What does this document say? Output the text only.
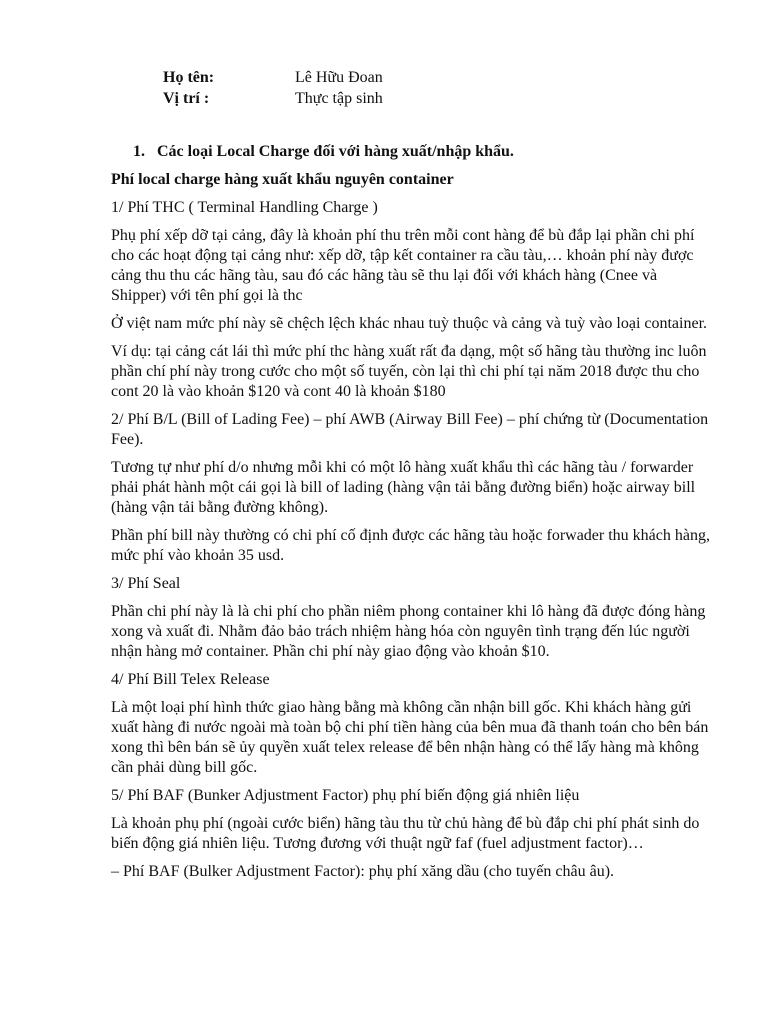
Họ tên:	Lê Hữu Đoan
Vị trí :	Thực tập sinh
1. Các loại Local Charge đối với hàng xuất/nhập khẩu.

Phí local charge hàng xuất khẩu nguyên container

1/ Phí THC ( Terminal Handling Charge )

Phụ phí xếp dỡ tại cảng, đây là khoản phí thu trên mỗi cont hàng để bù đắp lại phần chi phí cho các hoạt động tại cảng như: xếp dỡ, tập kết container ra cầu tàu,… khoản phí này được cảng thu thu các hãng tàu, sau đó các hãng tàu sẽ thu lại đối với khách hàng (Cnee và Shipper) với tên phí gọi là thc

Ở việt nam mức phí này sẽ chệch lệch khác nhau tuỳ thuộc và cảng và tuỳ vào loại container.

Ví dụ: tại cảng cát lái thì mức phí thc hàng xuất rất đa dạng, một số hãng tàu thường inc luôn phần chí phí này trong cước cho một số tuyến, còn lại thì chi phí tại năm 2018 được thu cho cont 20 là vào khoản $120 và cont 40 là khoản $180

2/ Phí B/L (Bill of Lading Fee) – phí AWB (Airway Bill Fee) – phí chứng từ (Documentation Fee).

Tương tự như phí d/o nhưng mỗi khi có một lô hàng xuất khẩu thì các hãng tàu / forwarder phải phát hành một cái gọi là bill of lading (hàng vận tải bằng đường biển) hoặc airway bill (hàng vận tải bằng đường không).

Phần phí bill này thường có chi phí cố định được các hãng tàu hoặc forwader thu khách hàng, mức phí vào khoản 35 usd.

3/ Phí Seal

Phần chi phí này là là chi phí cho phần niêm phong container khi lô hàng đã được đóng hàng xong và xuất đi. Nhằm đảo bảo trách nhiệm hàng hóa còn nguyên tình trạng đến lúc người nhận hàng mở container. Phần chi phí này giao động vào khoản $10.

4/ Phí Bill Telex Release

Là một loại phí hình thức giao hàng bằng mà không cần nhận bill gốc. Khi khách hàng gửi xuất hàng đi nước ngoài mà toàn bộ chi phí tiền hàng của bên mua đã thanh toán cho bên bán xong thì bên bán sẽ ủy quyền xuất telex release để bên nhận hàng có thể lấy hàng mà không cần phải dùng bill gốc.

5/ Phí BAF (Bunker Adjustment Factor) phụ phí biến động giá nhiên liệu

Là khoản phụ phí (ngoài cước biển) hãng tàu thu từ chủ hàng để bù đắp chi phí phát sinh do biến động giá nhiên liệu. Tương đương với thuật ngữ faf (fuel adjustment factor)…

– Phí BAF (Bulker Adjustment Factor): phụ phí xăng dầu (cho tuyến châu âu).
